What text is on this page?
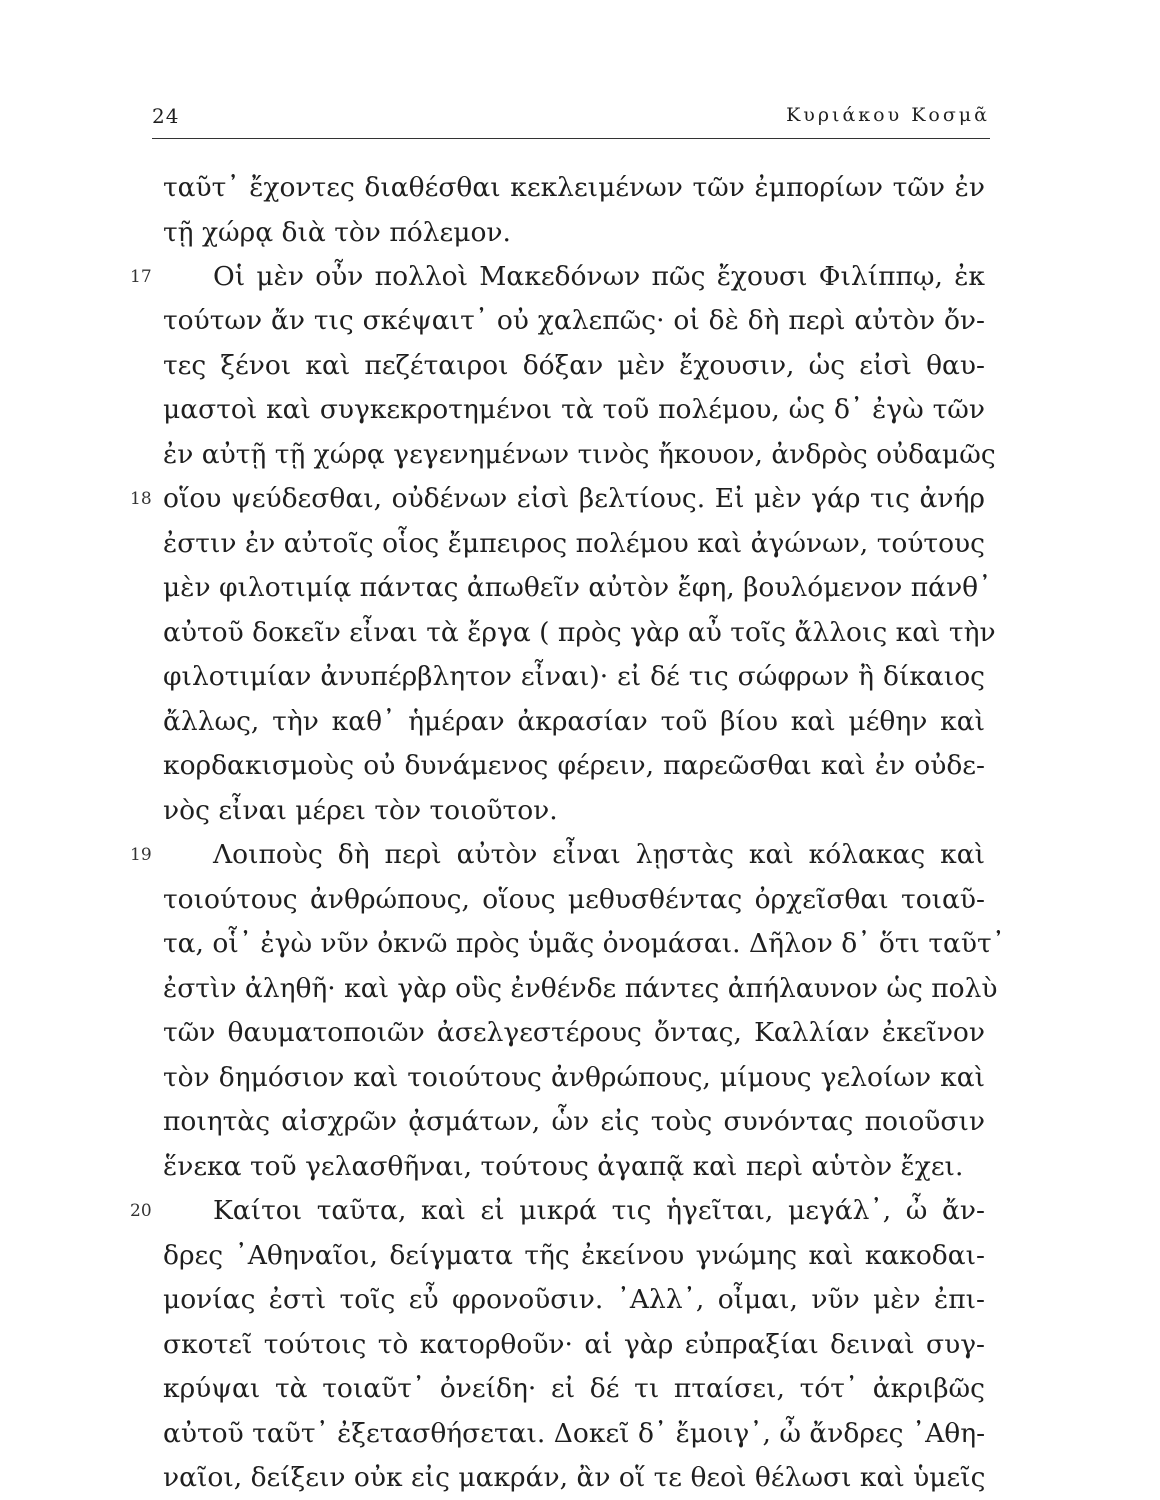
24	Κυριάκου Κοσμᾶ
ταῦτ᾿ ἔχοντες διαθέσθαι κεκλειμένων τῶν ἐμπορίων τῶν ἐν
τῇ χώρᾳ διὰ τὸν πόλεμον.
17 Οἱ μὲν οὖν πολλοὶ Μακεδόνων πῶς ἔχουσι Φιλίππῳ, ἐκ
τούτων ἄν τις σκέψαιτ᾿ οὐ χαλεπῶς· οἱ δὲ δὴ περὶ αὐτὸν ὄν-
τες ξένοι καὶ πεζέταιροι δόξαν μὲν ἔχουσιν, ὡς εἰσὶ θαυ-
μαστοὶ καὶ συγκεκροτημένοι τὰ τοῦ πολέμου, ὡς δ᾿ ἐγὼ τῶν
ἐν αὐτῇ τῇ χώρᾳ γεγενημένων τινὸς ἤκουον, ἀνδρὸς οὐδαμῶς
18 οἵου ψεύδεσθαι, οὐδένων εἰσὶ βελτίους. Εἰ μὲν γάρ τις ἀνήρ
ἐστιν ἐν αὐτοῖς οἷος ἔμπειρος πολέμου καὶ ἀγώνων, τούτους
μὲν φιλοτιμίᾳ πάντας ἀπωθεῖν αὐτὸν ἔφη, βουλόμενον πάνθ᾿
αὐτοῦ δοκεῖν εἶναι τὰ ἔργα ( πρὸς γὰρ αὖ τοῖς ἄλλοις καὶ τὴν
φιλοτιμίαν ἀνυπέρβλητον εἶναι)· εἰ δέ τις σώφρων ἢ δίκαιος
ἄλλως, τὴν καθ᾿ ἡμέραν ἀκρασίαν τοῦ βίου καὶ μέθην καὶ
κορδακισμοὺς οὐ δυνάμενος φέρειν, παρεῶσθαι καὶ ἐν οὐδε-
νὸς εἶναι μέρει τὸν τοιοῦτον.
19 Λοιποὺς δὴ περὶ αὐτὸν εἶναι λῃστὰς καὶ κόλακας καὶ
τοιούτους ἀνθρώπους, οἵους μεθυσθέντας ὀρχεῖσθαι τοιαῦ-
τα, οἷ᾿ ἐγὼ νῦν ὀκνῶ πρὸς ὑμᾶς ὀνομάσαι. Δῆλον δ᾿ ὅτι ταῦτ᾿
ἐστὶν ἀληθῆ· καὶ γὰρ οὓς ἐνθένδε πάντες ἀπήλαυνον ὡς πολὺ
τῶν θαυματοποιῶν ἀσελγεστέρους ὄντας, Καλλίαν ἐκεῖνον
τὸν δημόσιον καὶ τοιούτους ἀνθρώπους, μίμους γελοίων καὶ
ποιητὰς αἰσχρῶν ᾀσμάτων, ὧν εἰς τοὺς συνόντας ποιοῦσιν
ἕνεκα τοῦ γελασθῆναι, τούτους ἀγαπᾷ καὶ περὶ αὑτὸν ἔχει.
20 Καίτοι ταῦτα, καὶ εἰ μικρά τις ἡγεῖται, μεγάλ᾿, ὦ ἄν-
δρες ᾿Αθηναῖοι, δείγματα τῆς ἐκείνου γνώμης καὶ κακοδαι-
μονίας ἐστὶ τοῖς εὖ φρονοῦσιν. ᾿Αλλ᾿, οἶμαι, νῦν μὲν ἐπι-
σκοτεῖ τούτοις τὸ κατορθοῦν· αἱ γὰρ εὐπραξίαι δειναὶ συγ-
κρύψαι τὰ τοιαῦτ᾿ ὀνείδη· εἰ δέ τι πταίσει, τότ᾿ ἀκριβῶς
αὐτοῦ ταῦτ᾿ ἐξετασθήσεται. Δοκεῖ δ᾿ ἔμοιγ᾿, ὦ ἄνδρες ᾿Αθη-
ναῖοι, δείξειν οὐκ εἰς μακράν, ἂν οἵ τε θεοὶ θέλωσι καὶ ὑμεῖς
